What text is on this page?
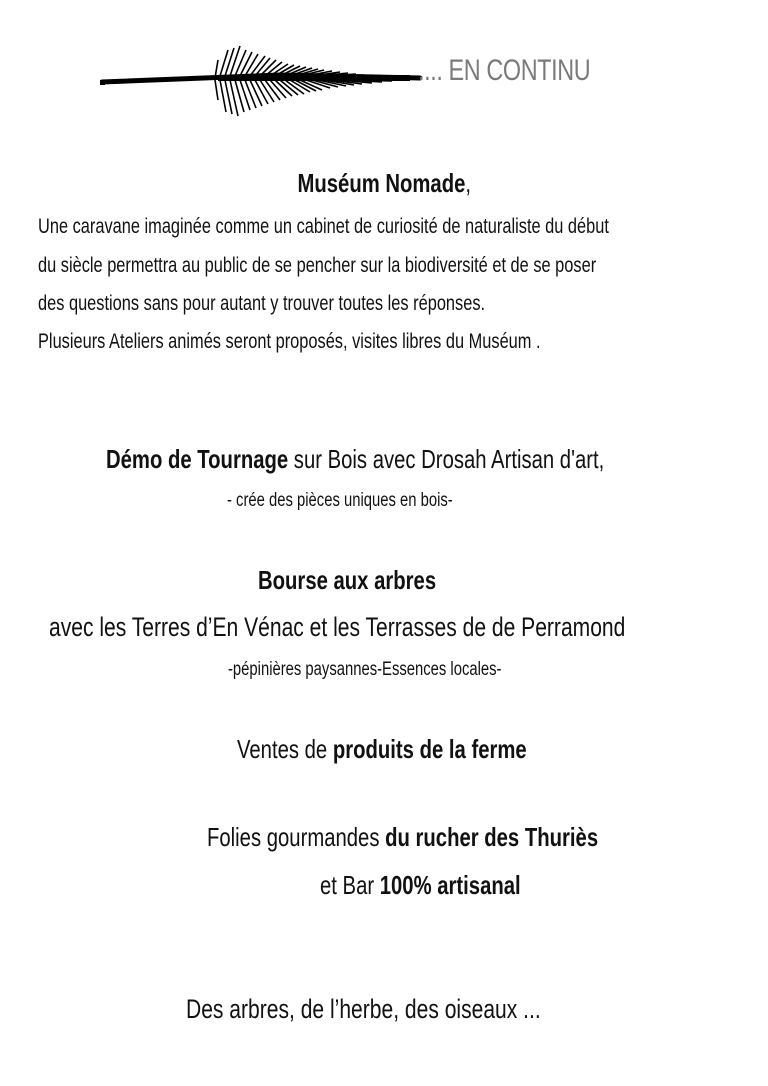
.... EN CONTINU
Muséum Nomade,
Une caravane imaginée comme un cabinet de curiosité de naturaliste du début
du siècle permettra au public de se pencher sur la biodiversité et de se poser
des questions sans pour autant y trouver toutes les réponses.
Plusieurs Ateliers animés seront proposés, visites libres du Muséum .
Démo de Tournage sur Bois avec Drosah Artisan d'art,
- crée des pièces uniques en bois-
Bourse aux arbres
avec les Terres d’En Vénac et les Terrasses de de Perramond
-pépinières paysannes-Essences locales-
Ventes de produits de la ferme
Folies gourmandes du rucher des Thuriès
et Bar 100% artisanal
Des arbres, de l’herbe, des oiseaux ...
